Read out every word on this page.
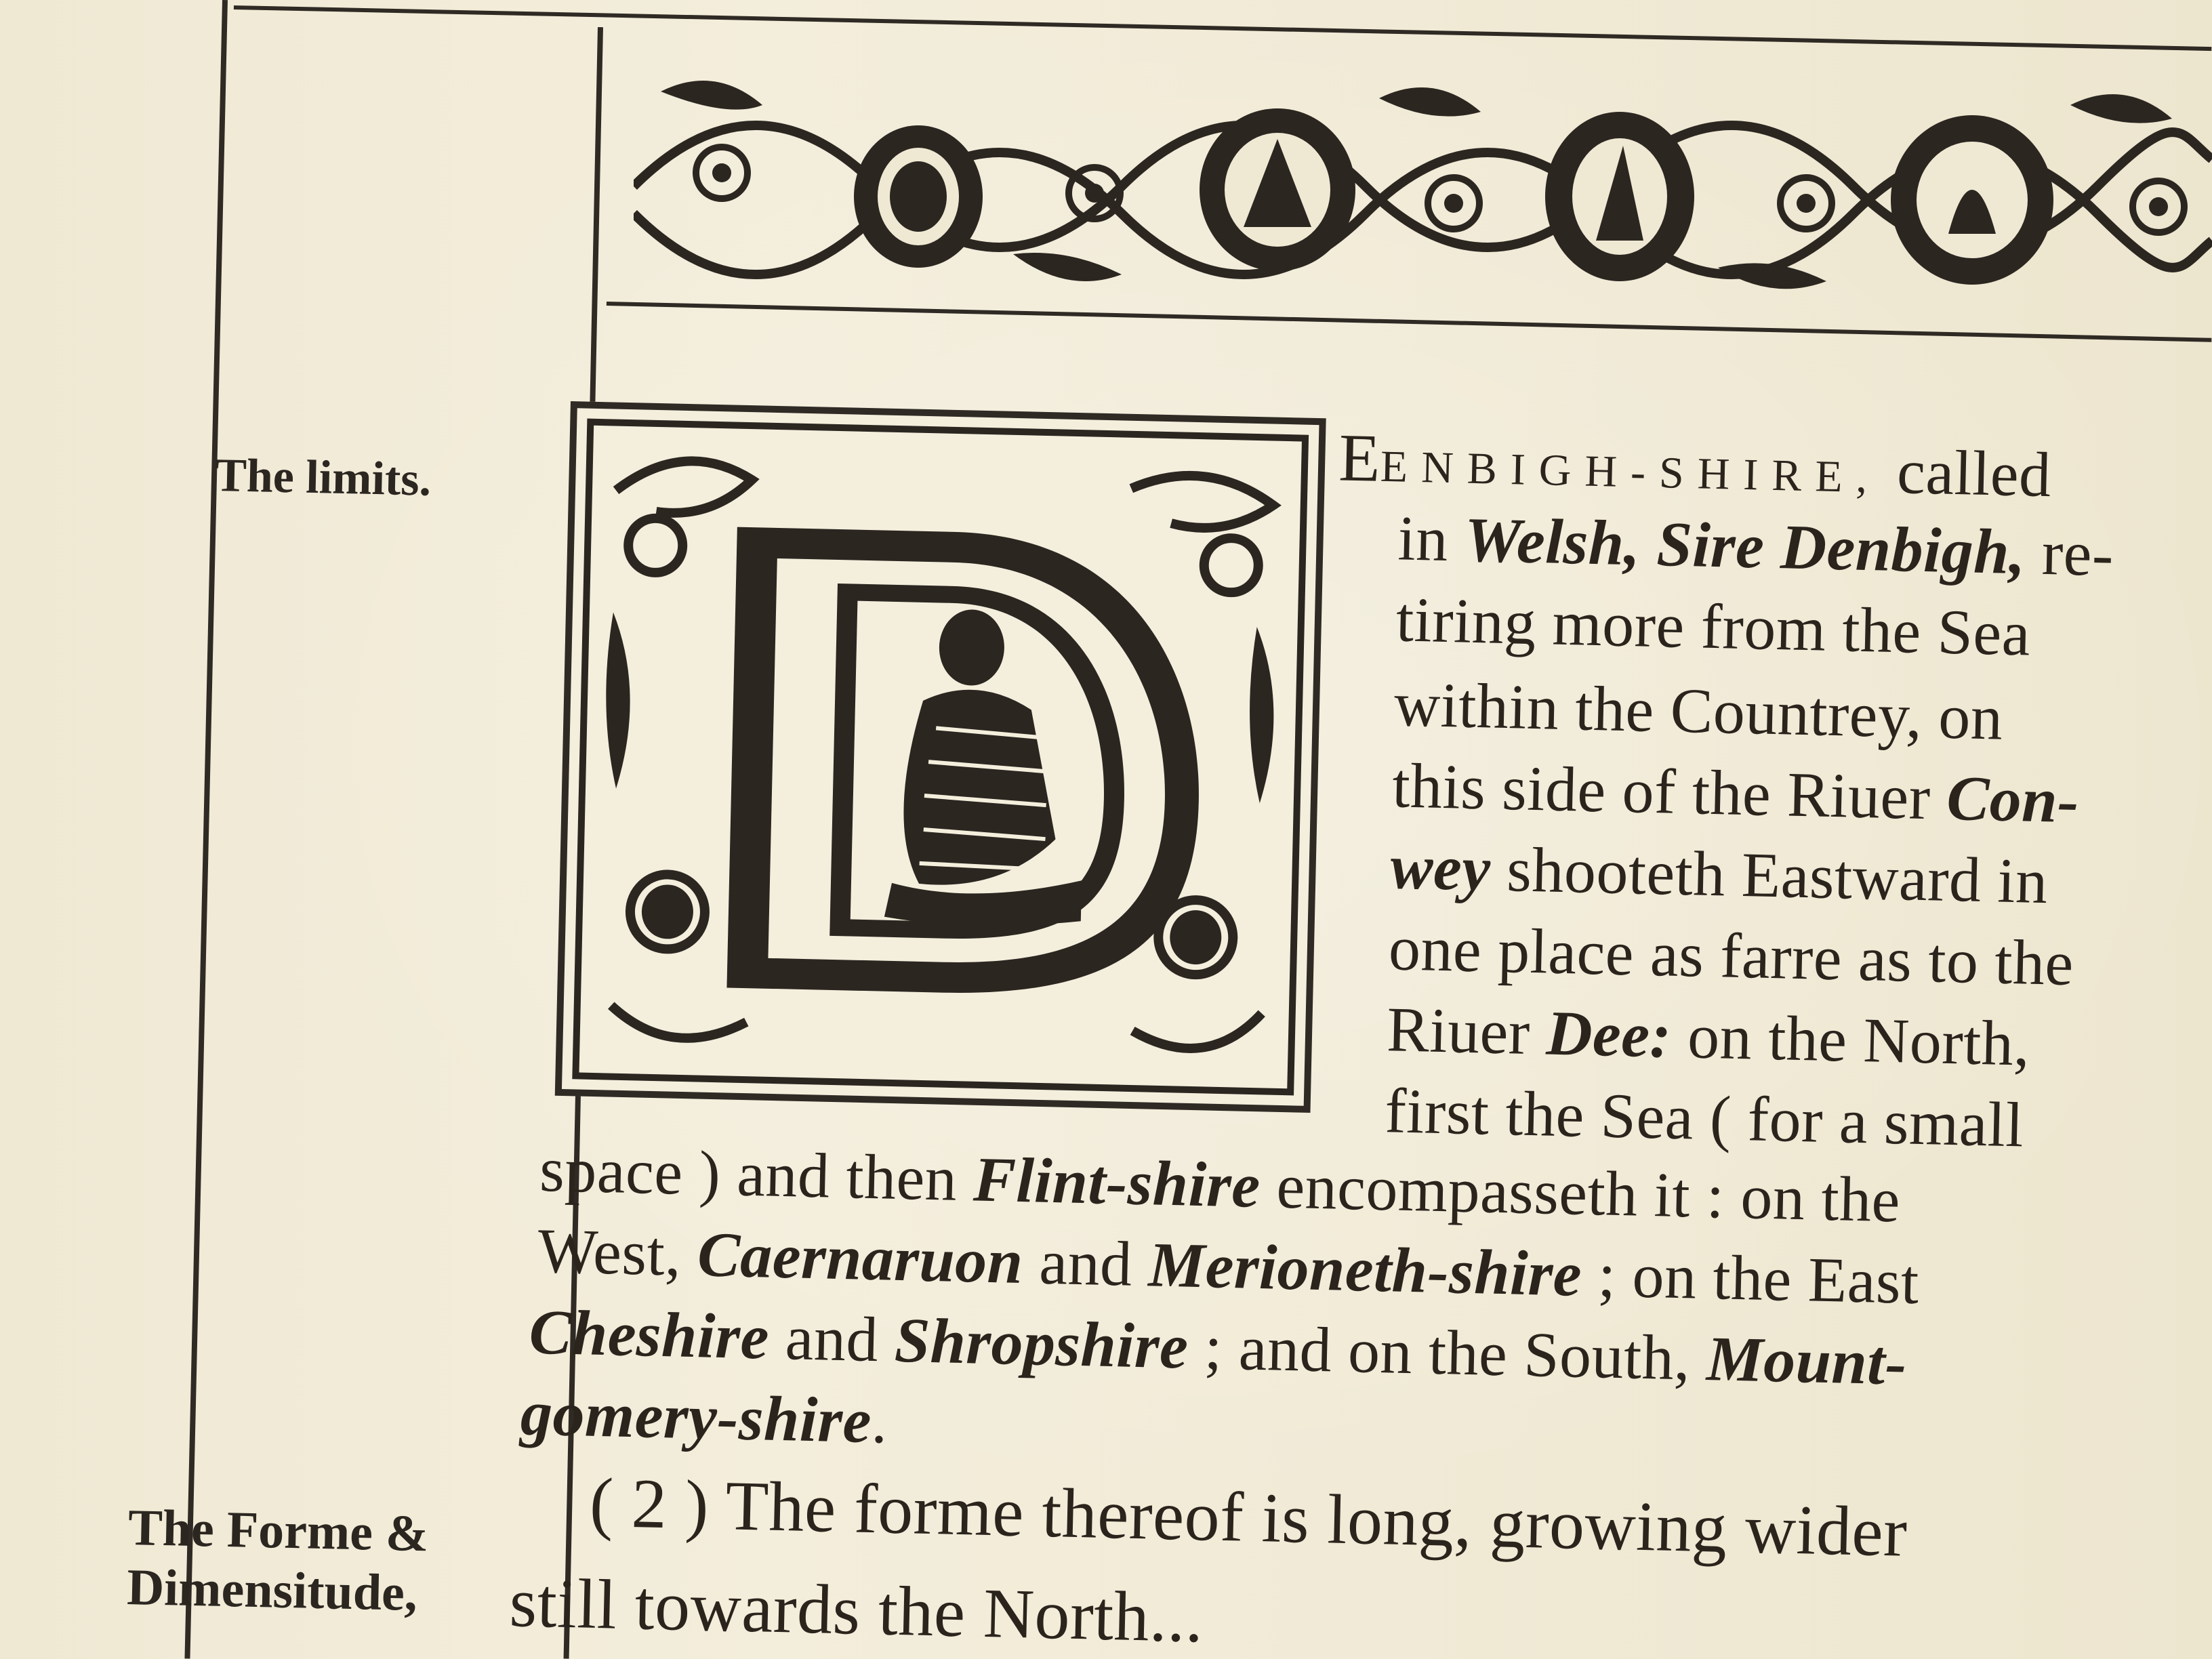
The limits.
The Forme &
Dimensitude,
EENBIGH-SHIRE, called
in Welsh, Sire Denbigh, re-
tiring more from the Sea
within the Countrey, on
this side of the Riuer Con-
wey shooteth Eastward in
one place as farre as to the
Riuer Dee: on the North,
first the Sea ( for a small
space ) and then Flint-shire encompasseth it : on the
West, Caernaruon and Merioneth-shire ; on the East
Cheshire and Shropshire ; and on the South, Mount-
gomery-shire.
( 2 ) The forme thereof is long, growing wider
still towards the North...
